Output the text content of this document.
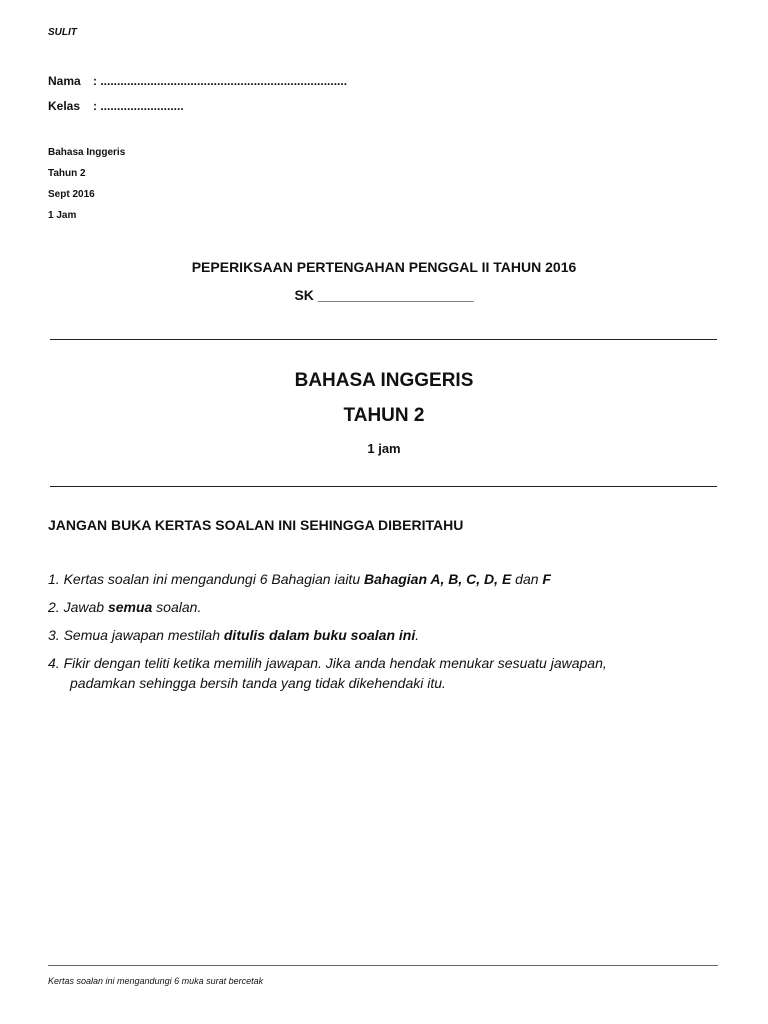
SULIT
Nama : ..........................................................................
Kelas : .........................
Bahasa Inggeris
Tahun 2
Sept 2016
1 Jam
PEPERIKSAAN PERTENGAHAN PENGGAL II TAHUN 2016
SK ____________________
BAHASA INGGERIS
TAHUN 2
1 jam
JANGAN BUKA KERTAS SOALAN INI SEHINGGA DIBERITAHU
1. Kertas soalan ini mengandungi 6 Bahagian iaitu Bahagian A, B, C, D, E dan F
2. Jawab semua soalan.
3. Semua jawapan mestilah ditulis dalam buku soalan ini.
4. Fikir dengan teliti ketika memilih jawapan. Jika anda hendak menukar sesuatu jawapan,
padamkan sehingga bersih tanda yang tidak dikehendaki itu.
Kertas soalan ini mengandungi 6 muka surat bercetak
